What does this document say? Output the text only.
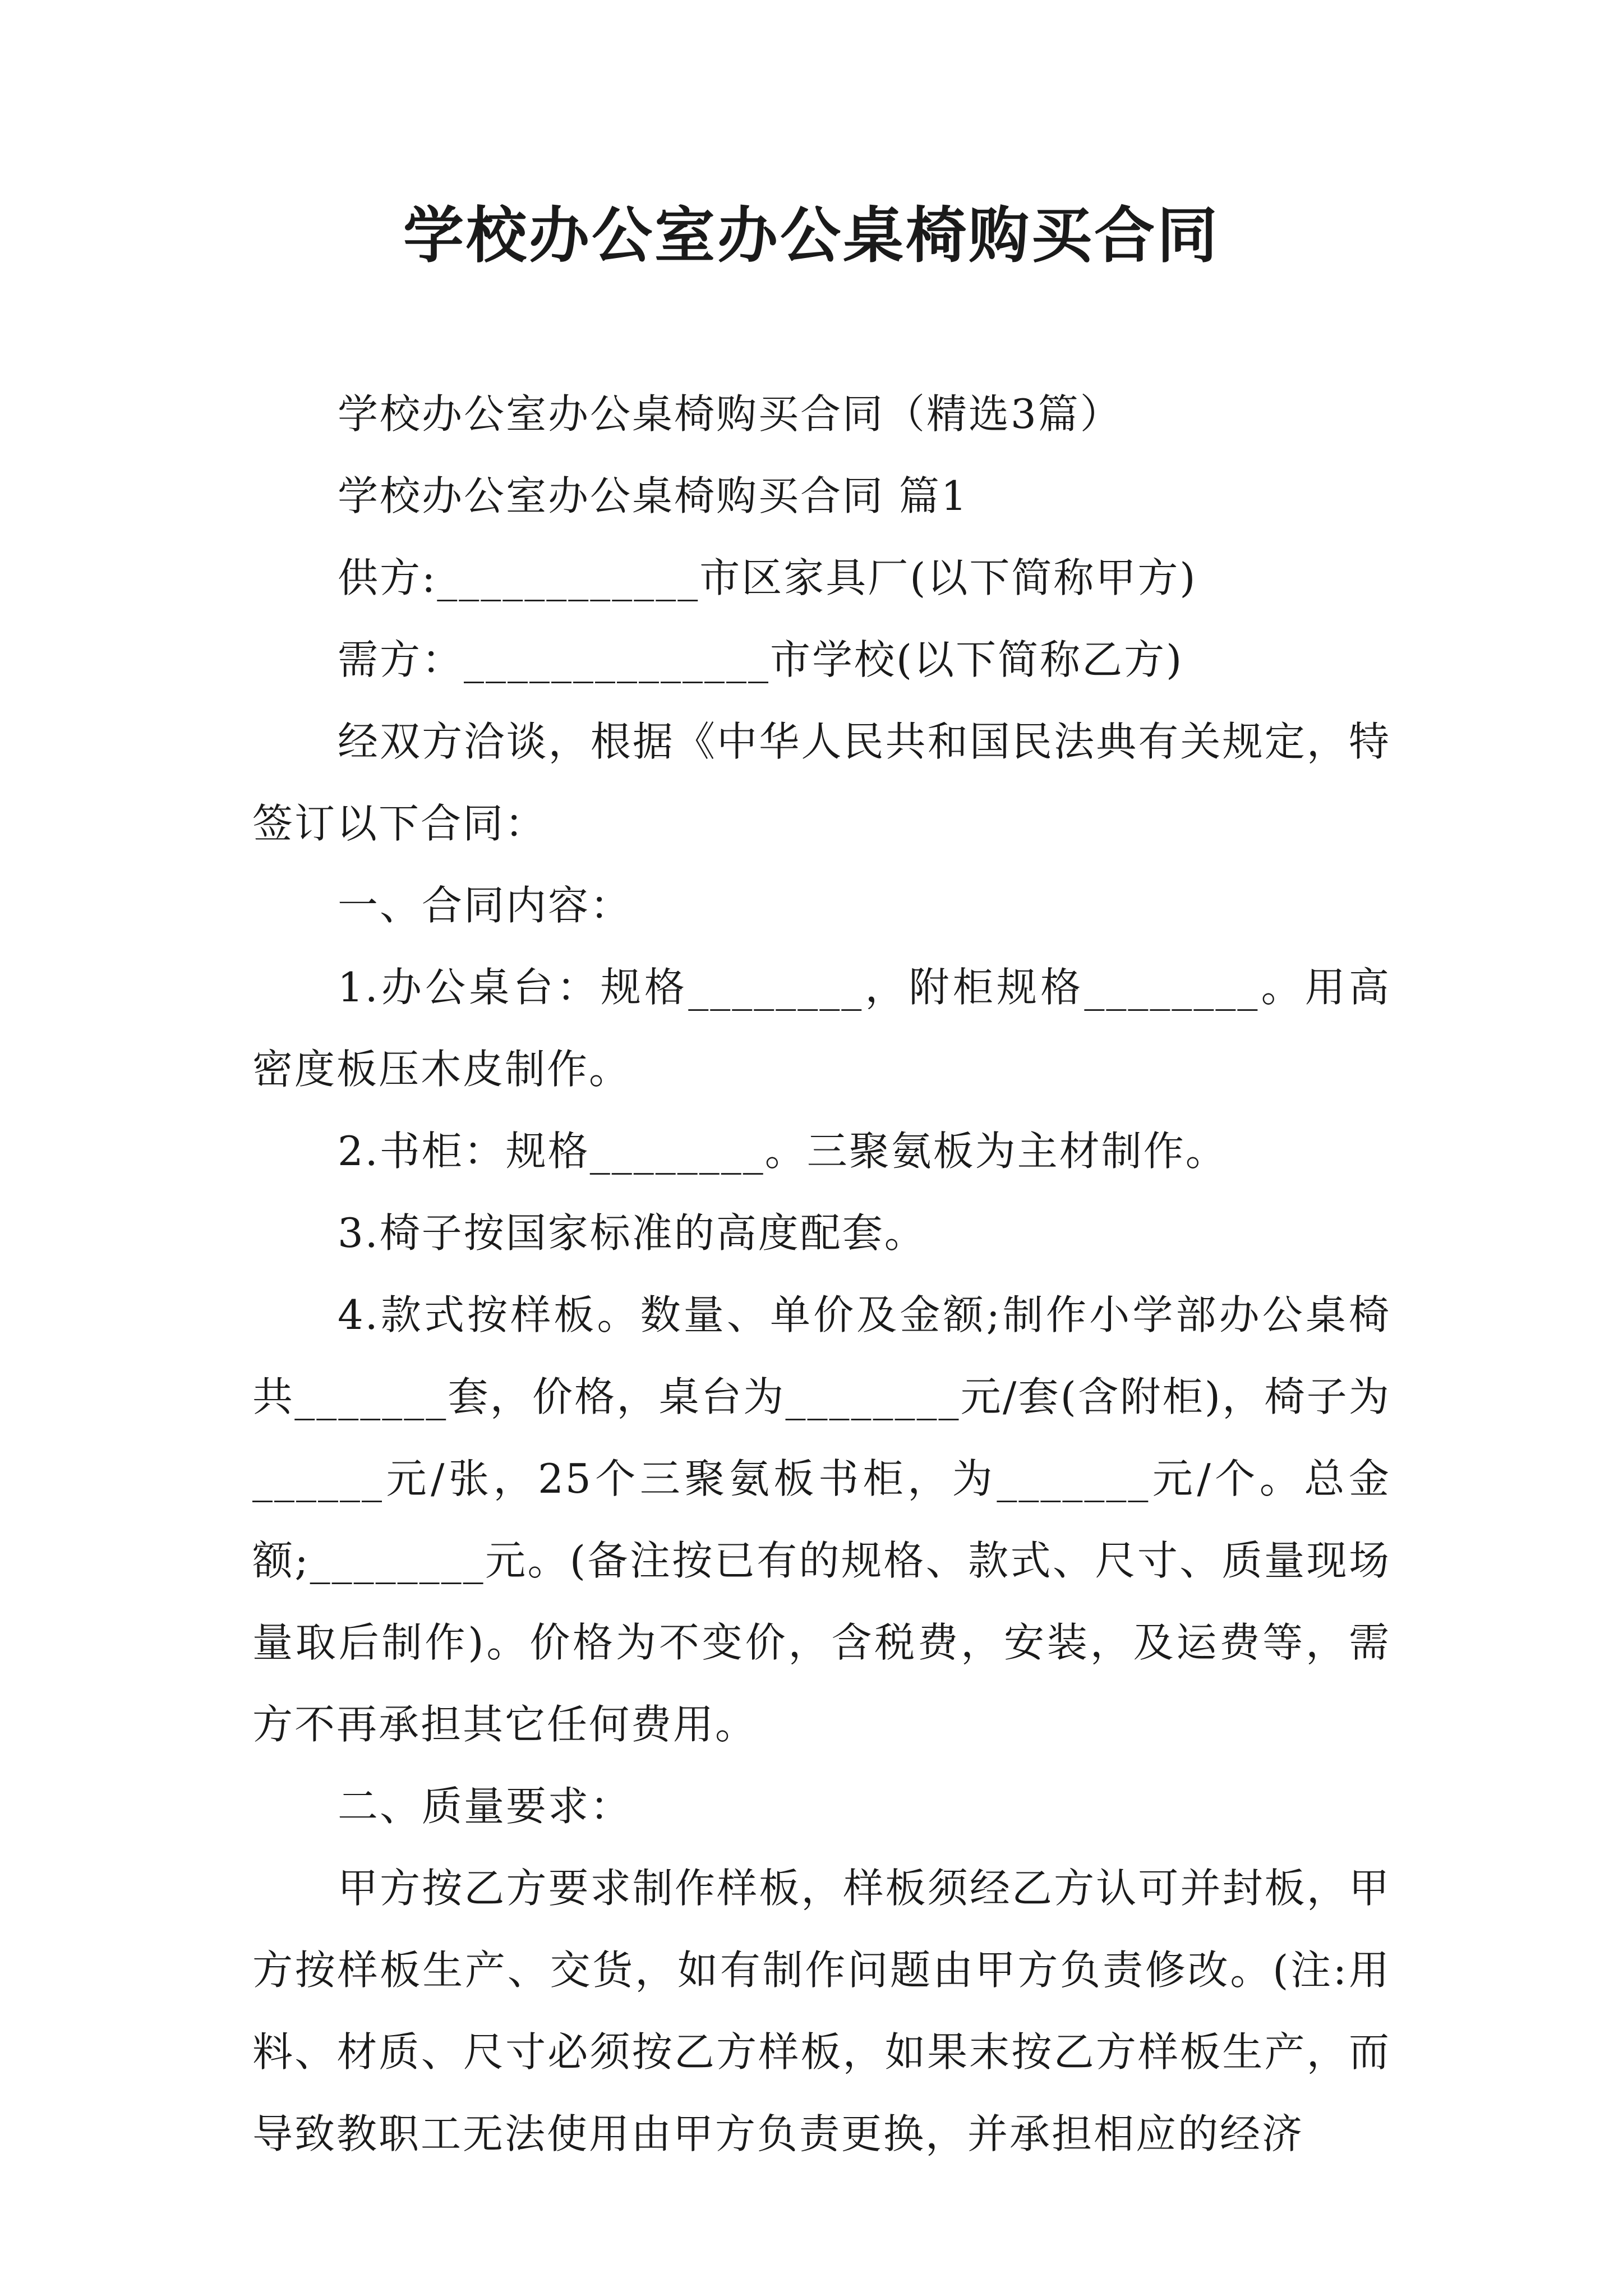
学校办公室办公桌椅购买合同

学校办公室办公桌椅购买合同（精选3篇）

学校办公室办公桌椅购买合同 篇1

供方:____________市区家具厂(以下简称甲方)

需方：______________市学校(以下简称乙方)

经双方洽谈，根据《中华人民共和国民法典有关规定，特签订以下合同：

一、合同内容：

1.办公桌台：规格________，附柜规格________。用高密度板压木皮制作。

2.书柜：规格________。三聚氨板为主材制作。

3.椅子按国家标准的高度配套。

4.款式按样板。数量、单价及金额;制作小学部办公桌椅共_______套，价格，桌台为________元/套(含附柜)，椅子为______元/张，25个三聚氨板书柜，为_______元/个。总金额;________元。(备注按已有的规格、款式、尺寸、质量现场量取后制作)。价格为不变价，含税费，安装，及运费等，需方不再承担其它任何费用。

二、质量要求：

甲方按乙方要求制作样板，样板须经乙方认可并封板，甲方按样板生产、交货，如有制作问题由甲方负责修改。(注:用料、材质、尺寸必须按乙方样板，如果末按乙方样板生产，而导致教职工无法使用由甲方负责更换，并承担相应的经济
